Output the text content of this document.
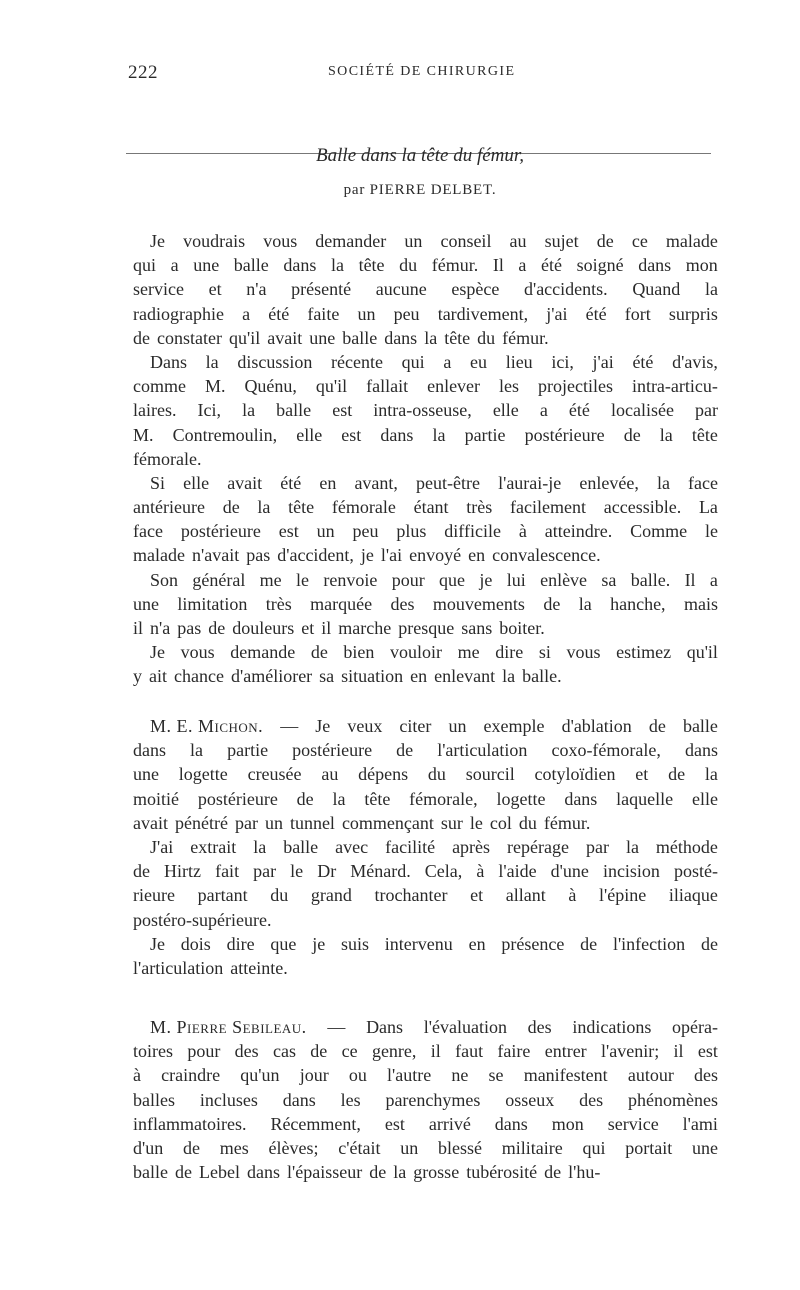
222	SOCIÉTÉ DE CHIRURGIE
Balle dans la tête du fémur,
par PIERRE DELBET.
Je voudrais vous demander un conseil au sujet de ce malade
qui a une balle dans la tête du fémur. Il a été soigné dans mon
service et n'a présenté aucune espèce d'accidents. Quand la
radiographie a été faite un peu tardivement, j'ai été fort surpris
de constater qu'il avait une balle dans la tête du fémur.
Dans la discussion récente qui a eu lieu ici, j'ai été d'avis,
comme M. Quénu, qu'il fallait enlever les projectiles intra-articu-
laires. Ici, la balle est intra-osseuse, elle a été localisée par
M. Contremoulin, elle est dans la partie postérieure de la tête
fémorale.
Si elle avait été en avant, peut-être l'aurai-je enlevée, la face
antérieure de la tête fémorale étant très facilement accessible. La
face postérieure est un peu plus difficile à atteindre. Comme le
malade n'avait pas d'accident, je l'ai envoyé en convalescence.
Son général me le renvoie pour que je lui enlève sa balle. Il a
une limitation très marquée des mouvements de la hanche, mais
il n'a pas de douleurs et il marche presque sans boiter.
Je vous demande de bien vouloir me dire si vous estimez qu'il
y ait chance d'améliorer sa situation en enlevant la balle.
M. E. Michon. — Je veux citer un exemple d'ablation de balle
dans la partie postérieure de l'articulation coxo-fémorale, dans
une logette creusée au dépens du sourcil cotyloïdien et de la
moitié postérieure de la tête fémorale, logette dans laquelle elle
avait pénétré par un tunnel commençant sur le col du fémur.
J'ai extrait la balle avec facilité après repérage par la méthode
de Hirtz fait par le Dr Ménard. Cela, à l'aide d'une incision posté-
rieure partant du grand trochanter et allant à l'épine iliaque
postéro-supérieure.
Je dois dire que je suis intervenu en présence de l'infection de
l'articulation atteinte.
M. Pierre Sebileau. — Dans l'évaluation des indications opéra-
toires pour des cas de ce genre, il faut faire entrer l'avenir; il est
à craindre qu'un jour ou l'autre ne se manifestent autour des
balles incluses dans les parenchymes osseux des phénomènes
inflammatoires. Récemment, est arrivé dans mon service l'ami
d'un de mes élèves; c'était un blessé militaire qui portait une
balle de Lebel dans l'épaisseur de la grosse tubérosité de l'hu-
